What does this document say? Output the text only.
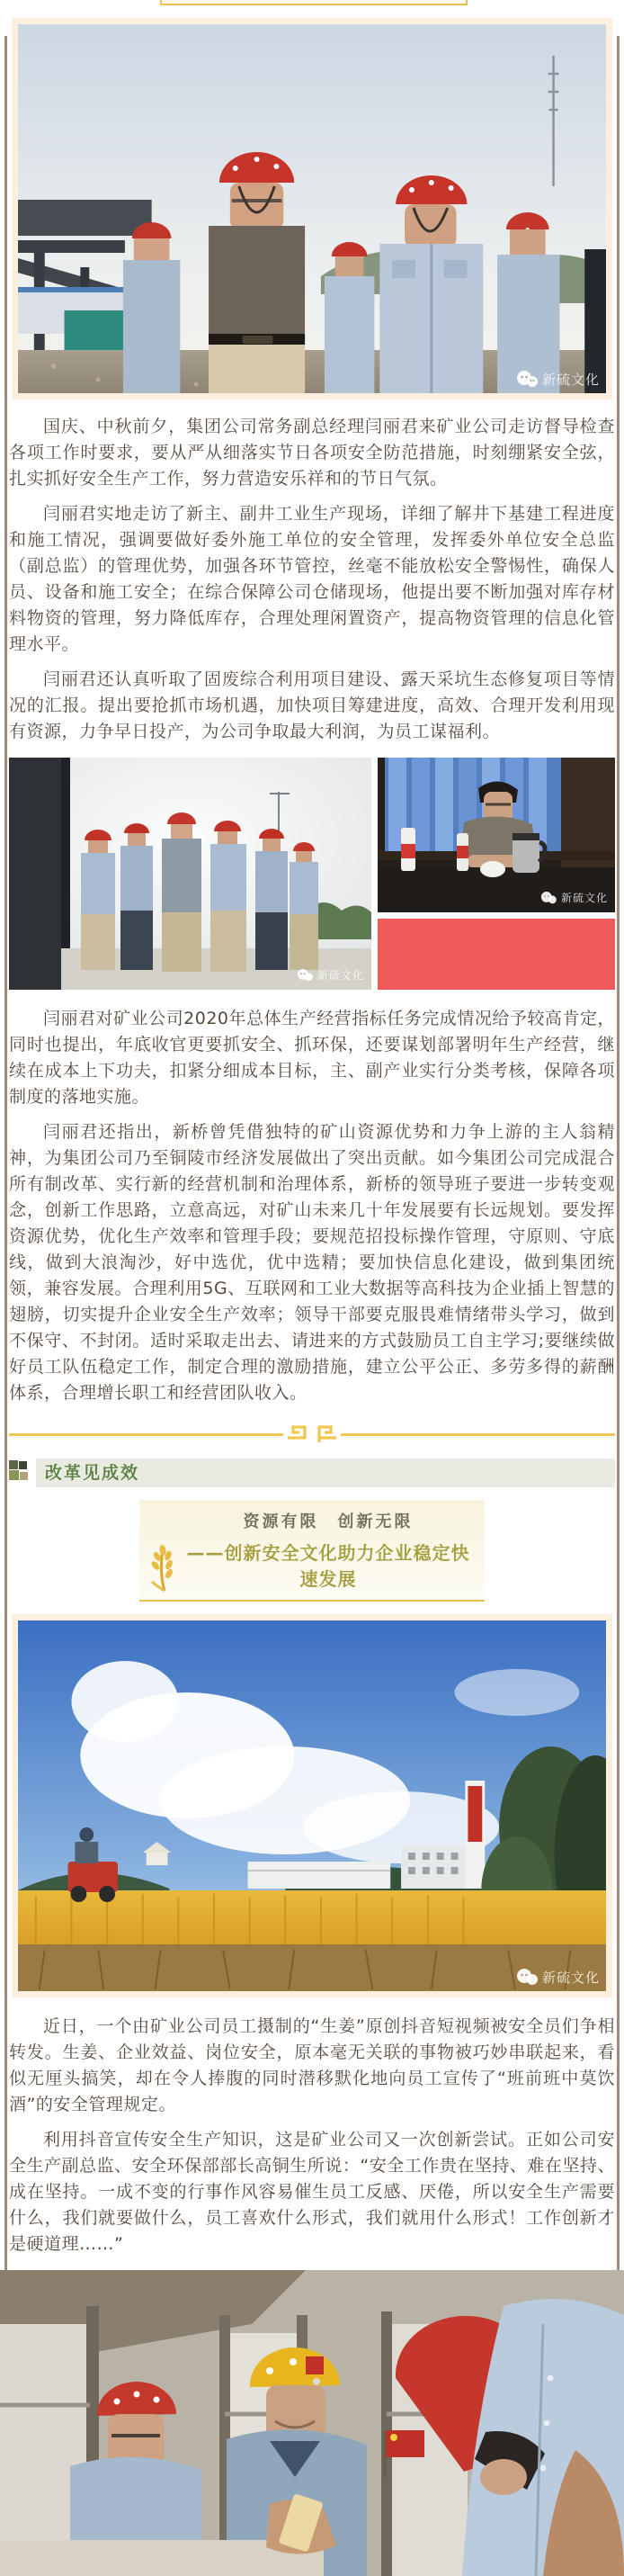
新硫文化

国庆、中秋前夕，集团公司常务副总经理闫丽君来矿业公司走访督导检查各项工作时要求，要从严从细落实节日各项安全防范措施，时刻绷紧安全弦，扎实抓好安全生产工作，努力营造安乐祥和的节日气氛。

闫丽君实地走访了新主、副井工业生产现场，详细了解井下基建工程进度和施工情况，强调要做好委外施工单位的安全管理，发挥委外单位安全总监（副总监）的管理优势，加强各环节管控，丝毫不能放松安全警惕性，确保人员、设备和施工安全；在综合保障公司仓储现场，他提出要不断加强对库存材料物资的管理，努力降低库存，合理处理闲置资产，提高物资管理的信息化管理水平。

闫丽君还认真听取了固废综合利用项目建设、露天采坑生态修复项目等情况的汇报。提出要抢抓市场机遇，加快项目筹建进度，高效、合理开发利用现有资源，力争早日投产，为公司争取最大利润，为员工谋福利。

新硫文化
新硫文化

闫丽君对矿业公司2020年总体生产经营指标任务完成情况给予较高肯定，同时也提出，年底收官更要抓安全、抓环保，还要谋划部署明年生产经营，继续在成本上下功夫，扣紧分细成本目标，主、副产业实行分类考核，保障各项制度的落地实施。

闫丽君还指出，新桥曾凭借独特的矿山资源优势和力争上游的主人翁精神，为集团公司乃至铜陵市经济发展做出了突出贡献。如今集团公司完成混合所有制改革、实行新的经营机制和治理体系，新桥的领导班子要进一步转变观念，创新工作思路，立意高远，对矿山未来几十年发展要有长远规划。要发挥资源优势，优化生产效率和管理手段；要规范招投标操作管理，守原则、守底线，做到大浪淘沙，好中选优，优中选精；要加快信息化建设，做到集团统领，兼容发展。合理利用5G、互联网和工业大数据等高科技为企业插上智慧的翅膀，切实提升企业安全生产效率；领导干部要克服畏难情绪带头学习，做到不保守、不封闭。适时采取走出去、请进来的方式鼓励员工自主学习;要继续做好员工队伍稳定工作，制定合理的激励措施，建立公平公正、多劳多得的薪酬体系，合理增长职工和经营团队收入。

改革见成效
资源有限　创新无限
——创新安全文化助力企业稳定快速发展
新硫文化

近日，一个由矿业公司员工摄制的“生姜”原创抖音短视频被安全员们争相转发。生姜、企业效益、岗位安全，原本毫无关联的事物被巧妙串联起来，看似无厘头搞笑，却在令人捧腹的同时潜移默化地向员工宣传了“班前班中莫饮酒”的安全管理规定。

利用抖音宣传安全生产知识，这是矿业公司又一次创新尝试。正如公司安全生产副总监、安全环保部部长高铜生所说：“安全工作贵在坚持、难在坚持、成在坚持。一成不变的行事作风容易催生员工反感、厌倦，所以安全生产需要什么，我们就要做什么，员工喜欢什么形式，我们就用什么形式！工作创新才是硬道理……”
